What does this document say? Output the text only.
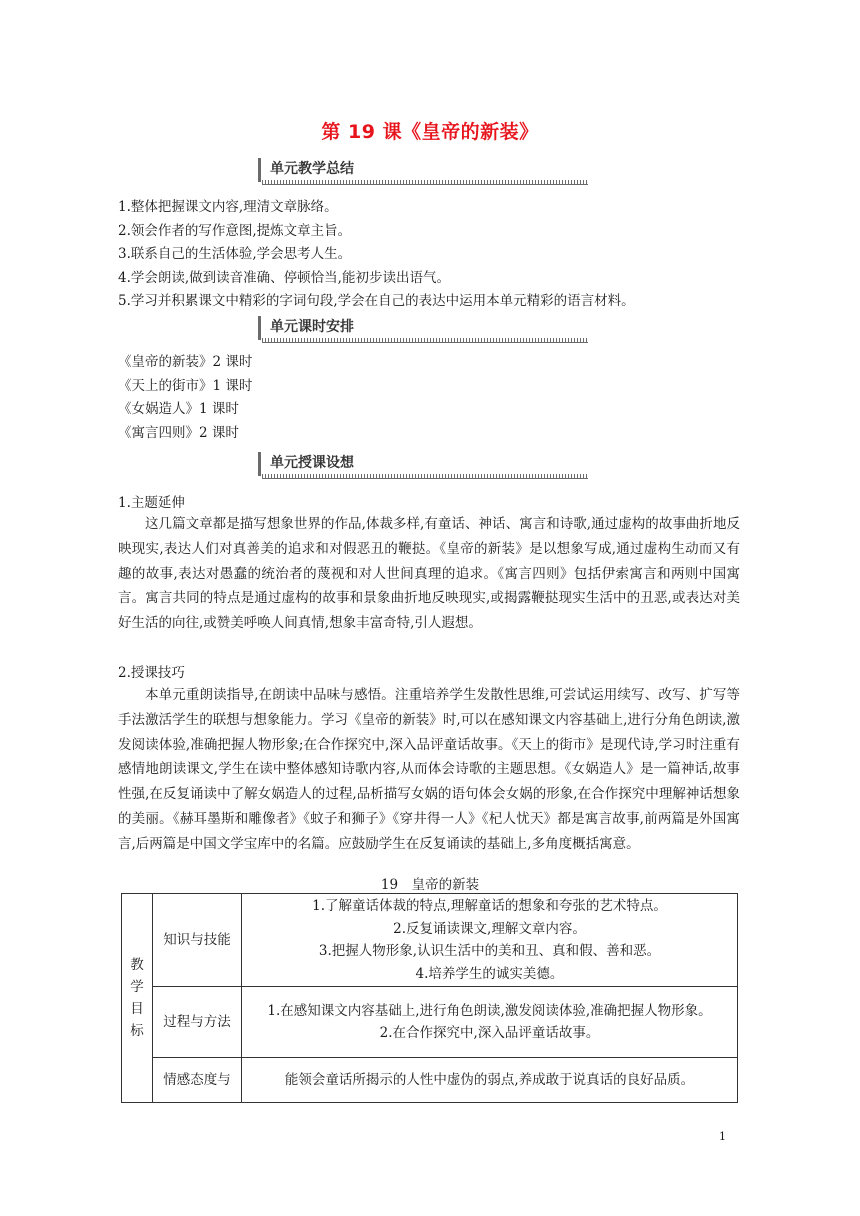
第 19 课《皇帝的新装》
单元教学总结
1.整体把握课文内容,理清文章脉络。
2.领会作者的写作意图,提炼文章主旨。
3.联系自己的生活体验,学会思考人生。
4.学会朗读,做到读音准确、停顿恰当,能初步读出语气。
5.学习并积累课文中精彩的字词句段,学会在自己的表达中运用本单元精彩的语言材料。
单元课时安排
《皇帝的新装》2 课时
《天上的街市》1 课时
《女娲造人》1 课时
《寓言四则》2 课时
单元授课设想
1.主题延伸
这几篇文章都是描写想象世界的作品,体裁多样,有童话、神话、寓言和诗歌,通过虚构的故事曲折地反映现实,表达人们对真善美的追求和对假恶丑的鞭挞。《皇帝的新装》是以想象写成,通过虚构生动而又有趣的故事,表达对愚蠢的统治者的蔑视和对人世间真理的追求。《寓言四则》包括伊索寓言和两则中国寓言。寓言共同的特点是通过虚构的故事和景象曲折地反映现实,或揭露鞭挞现实生活中的丑恶,或表达对美好生活的向往,或赞美呼唤人间真情,想象丰富奇特,引人遐想。
2.授课技巧
本单元重朗读指导,在朗读中品味与感悟。注重培养学生发散性思维,可尝试运用续写、改写、扩写等手法激活学生的联想与想象能力。学习《皇帝的新装》时,可以在感知课文内容基础上,进行分角色朗读,激发阅读体验,准确把握人物形象;在合作探究中,深入品评童话故事。《天上的街市》是现代诗,学习时注重有感情地朗读课文,学生在读中整体感知诗歌内容,从而体会诗歌的主题思想。《女娲造人》是一篇神话,故事性强,在反复诵读中了解女娲造人的过程,品析描写女娲的语句体会女娲的形象,在合作探究中理解神话想象的美丽。《赫耳墨斯和雕像者》《蚊子和狮子》《穿井得一人》《杞人忧天》都是寓言故事,前两篇是外国寓言,后两篇是中国文学宝库中的名篇。应鼓励学生在反复诵读的基础上,多角度概括寓意。
19　皇帝的新装
教学目标	知识与技能	1.了解童话体裁的特点,理解童话的想象和夸张的艺术特点。
2.反复诵读课文,理解文章内容。
3.把握人物形象,认识生活中的美和丑、真和假、善和恶。
4.培养学生的诚实美德。

	过程与方法	1.在感知课文内容基础上,进行角色朗读,激发阅读体验,准确把握人物形象。
2.在合作探究中,深入品评童话故事。

	情感态度与	能领会童话所揭示的人性中虚伪的弱点,养成敢于说真话的良好品质。
1
